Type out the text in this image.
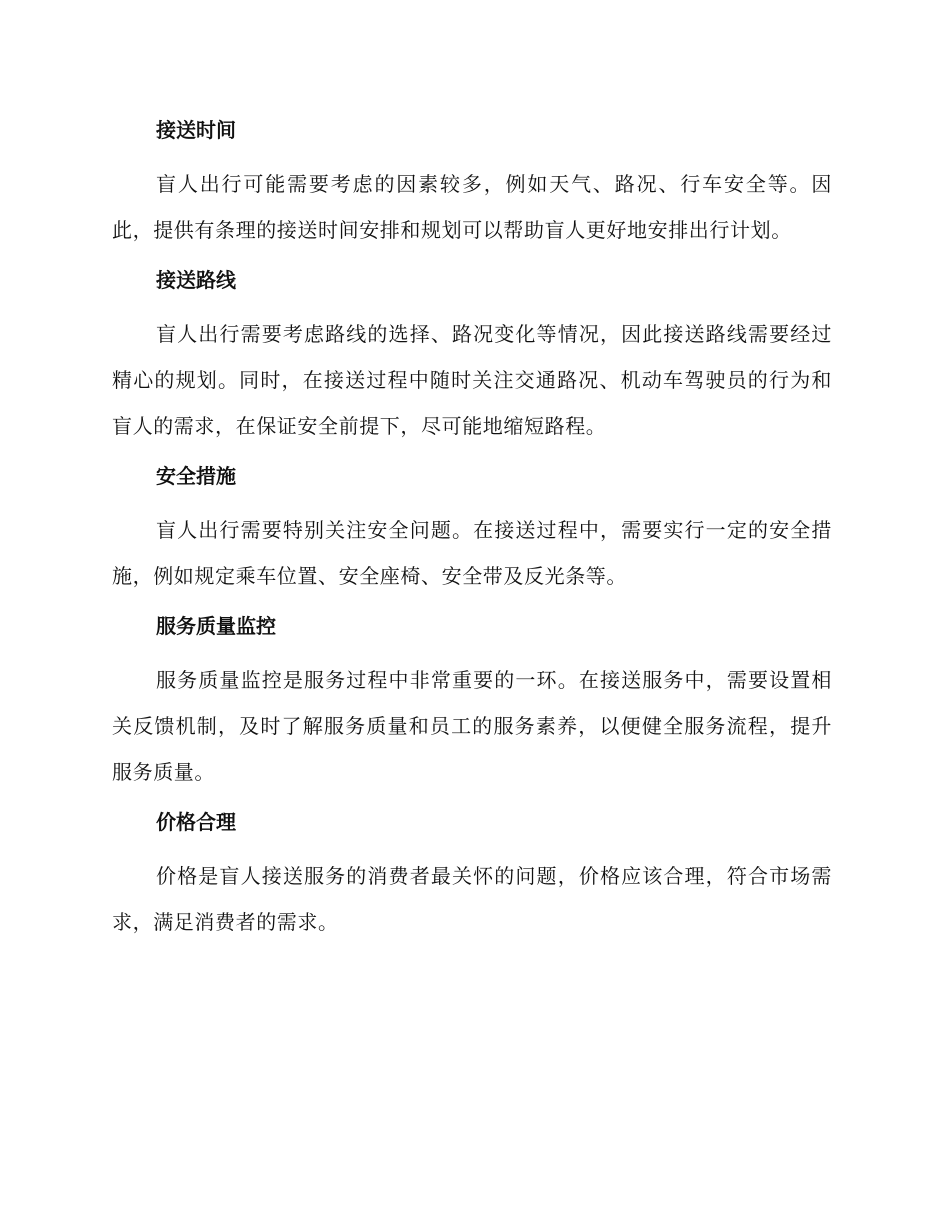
接送时间

盲人出行可能需要考虑的因素较多，例如天气、路况、行车安全等。因此，提供有条理的接送时间安排和规划可以帮助盲人更好地安排出行计划。

接送路线

盲人出行需要考虑路线的选择、路况变化等情况，因此接送路线需要经过精心的规划。同时，在接送过程中随时关注交通路况、机动车驾驶员的行为和盲人的需求，在保证安全前提下，尽可能地缩短路程。

安全措施

盲人出行需要特别关注安全问题。在接送过程中，需要实行一定的安全措施，例如规定乘车位置、安全座椅、安全带及反光条等。

服务质量监控

服务质量监控是服务过程中非常重要的一环。在接送服务中，需要设置相关反馈机制，及时了解服务质量和员工的服务素养，以便健全服务流程，提升服务质量。

价格合理

价格是盲人接送服务的消费者最关怀的问题，价格应该合理，符合市场需求，满足消费者的需求。
